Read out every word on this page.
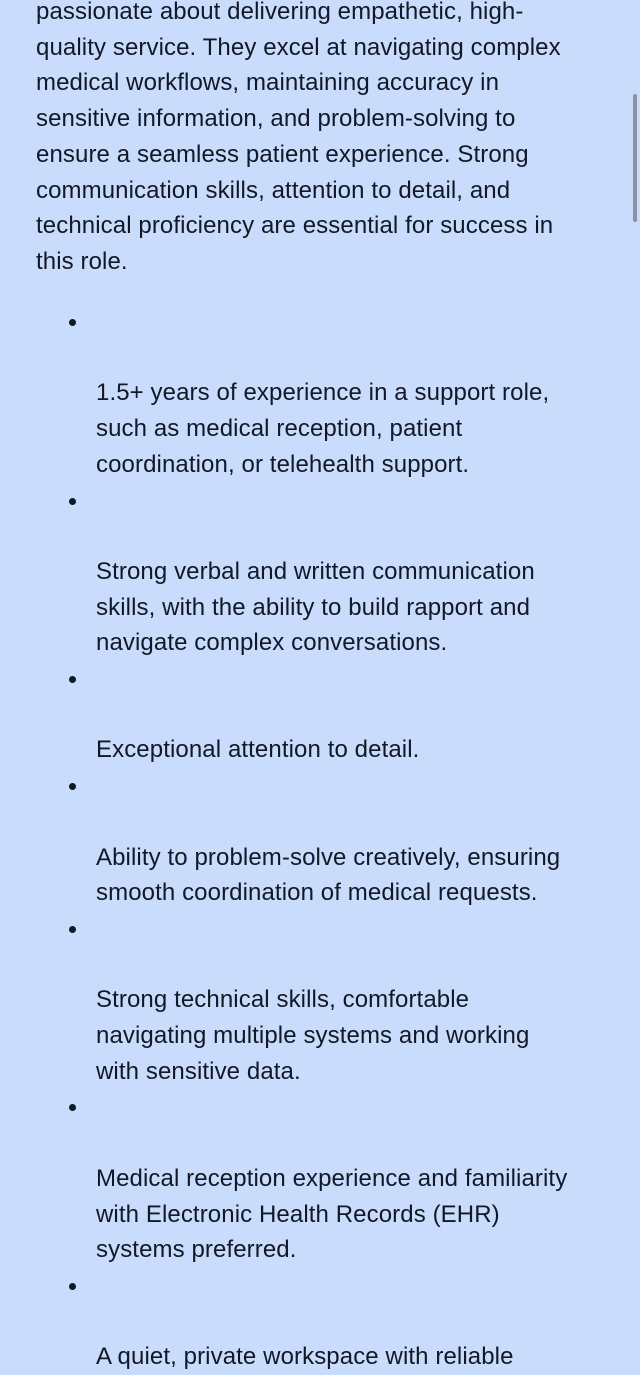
passionate about delivering empathetic, high-
quality service. They excel at navigating complex
medical workflows, maintaining accuracy in
sensitive information, and problem-solving to
ensure a seamless patient experience. Strong
communication skills, attention to detail, and
technical proficiency are essential for success in
this role.

1.5+ years of experience in a support role,
such as medical reception, patient
coordination, or telehealth support.

Strong verbal and written communication
skills, with the ability to build rapport and
navigate complex conversations.

Exceptional attention to detail.

Ability to problem-solve creatively, ensuring
smooth coordination of medical requests.

Strong technical skills, comfortable
navigating multiple systems and working
with sensitive data.

Medical reception experience and familiarity
with Electronic Health Records (EHR)
systems preferred.

A quiet, private workspace with reliable
